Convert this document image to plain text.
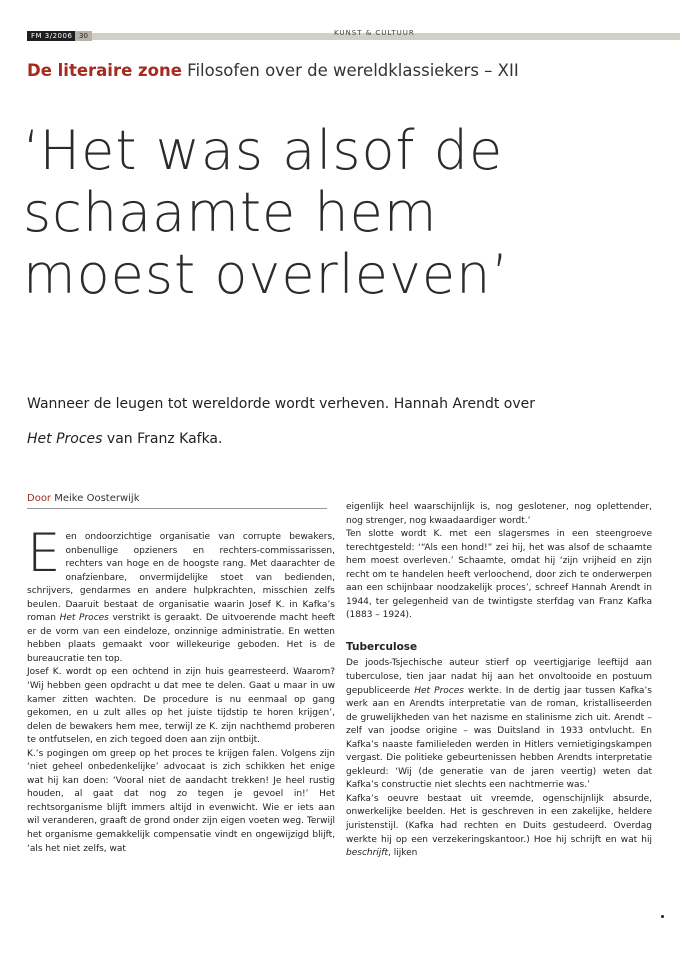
FM 3/2006 30	KUNST & CULTUUR
De literaire zone Filosofen over de wereldklassiekers – XII
‘Het was alsof de
schaamte hem
moest overleven’
Wanneer de leugen tot wereldorde wordt verheven. Hannah Arendt over
Het Proces van Franz Kafka.
Door Meike Oosterwijk

Een ondoorzichtige organisatie van corrupte bewakers, onbenullige opzieners en rechters-commissarissen, rechters van hoge en de hoogste rang. Met daarachter de onafzienbare, onvermijdelijke stoet van bedienden, schrijvers, gendarmes en andere hulpkrachten, misschien zelfs beulen. Daaruit bestaat de organisatie waarin Josef K. in Kafka’s roman Het Proces verstrikt is geraakt. De uitvoerende macht heeft er de vorm van een eindeloze, onzinnige administratie. En wetten hebben plaats gemaakt voor willekeurige geboden. Het is de bureaucratie ten top.

Josef K. wordt op een ochtend in zijn huis gearresteerd. Waarom? ‘Wij hebben geen opdracht u dat mee te delen. Gaat u maar in uw kamer zitten wachten. De procedure is nu eenmaal op gang gekomen, en u zult alles op het juiste tijdstip te horen krijgen’, delen de bewakers hem mee, terwijl ze K. zijn nachthemd proberen te ontfutselen, en zich tegoed doen aan zijn ontbijt.

K.’s pogingen om greep op het proces te krijgen falen. Volgens zijn ‘niet geheel onbedenkelijke’ advocaat is zich schikken het enige wat hij kan doen: ‘Vooral niet de aandacht trekken! Je heel rustig houden, al gaat dat nog zo tegen je gevoel in!’ Het rechtsorganisme blijft immers altijd in evenwicht. Wie er iets aan wil veranderen, graaft de grond onder zijn eigen voeten weg. Terwijl het organisme gemakkelijk compensatie vindt en ongewijzigd blijft, ‘als het niet zelfs, wat

eigenlijk heel waarschijnlijk is, nog geslotener, nog oplettender, nog strenger, nog kwaadaardiger wordt.’

Ten slotte wordt K. met een slagersmes in een steengroeve terechtgesteld: ‘“Als een hond!” zei hij, het was alsof de schaamte hem moest overleven.’ Schaamte, omdat hij ‘zijn vrijheid en zijn recht om te handelen heeft verloochend, door zich te onderwerpen aan een schijnbaar noodzakelijk proces’, schreef Hannah Arendt in 1944, ter gelegenheid van de twintigste sterfdag van Franz Kafka (1883 – 1924).

Tuberculose

De joods-Tsjechische auteur stierf op veertigjarige leeftijd aan tuberculose, tien jaar nadat hij aan het onvoltooide en postuum gepubliceerde Het Proces werkte. In de dertig jaar tussen Kafka’s werk aan en Arendts interpretatie van de roman, kristalliseerden de gruwelijkheden van het nazisme en stalinisme zich uit. Arendt – zelf van joodse origine – was Duitsland in 1933 ontvlucht. En Kafka’s naaste familieleden werden in Hitlers vernietigingskampen vergast. Die politieke gebeurtenissen hebben Arendts interpretatie gekleurd: ‘Wij (de generatie van de jaren veertig) weten dat Kafka’s constructie niet slechts een nachtmerrie was.’

Kafka’s oeuvre bestaat uit vreemde, ogenschijnlijk absurde, onwerkelijke beelden. Het is geschreven in een zakelijke, heldere juristenstijl. (Kafka had rechten en Duits gestudeerd. Overdag werkte hij op een verzekeringskantoor.) Hoe hij schrijft en wat hij beschrijft, lijken
